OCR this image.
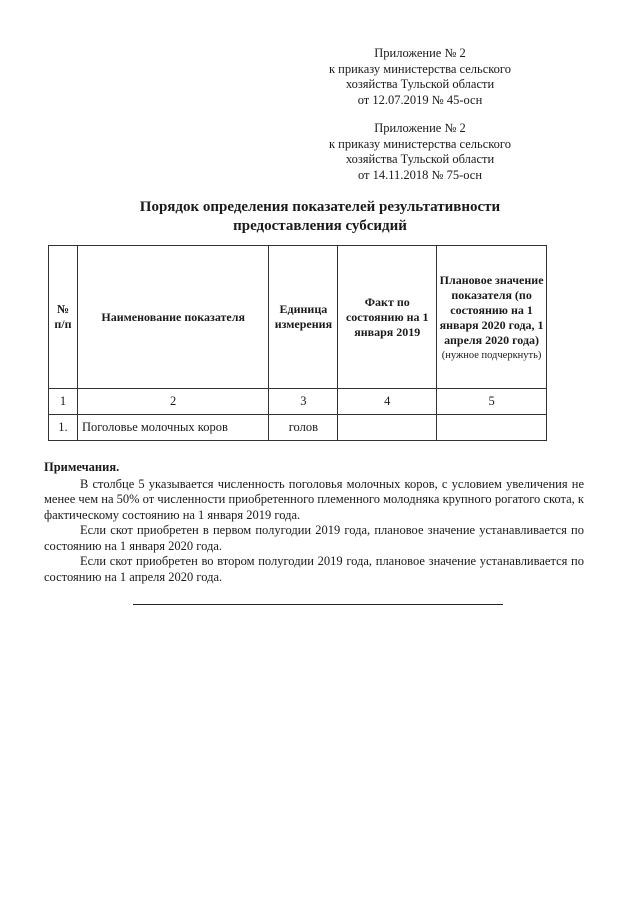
Приложение № 2
к приказу министерства сельского
хозяйства Тульской области
от 12.07.2019 № 45-осн
Приложение № 2
к приказу министерства сельского
хозяйства Тульской области
от 14.11.2018 № 75-осн
Порядок определения показателей результативности
предоставления субсидий
№ п/п	Наименование показателя	Единица измерения	Факт по состоянию на 1 января 2019	Плановое значение показателя (по состоянию на 1 января 2020 года, 1 апреля 2020 года)
(нужное подчеркнуть)

1	2	3	4	5
1.	Поголовье молочных коров	голов		
Примечания.

В столбце 5 указывается численность поголовья молочных коров, с условием увеличения не менее чем на 50% от численности приобретенного племенного молодняка крупного рогатого скота, к фактическому состоянию на 1 января 2019 года.

Если скот приобретен в первом полугодии 2019 года, плановое значение устанавливается по состоянию на 1 января 2020 года.

Если скот приобретен во втором полугодии 2019 года, плановое значение устанавливается по состоянию на 1 апреля 2020 года.
